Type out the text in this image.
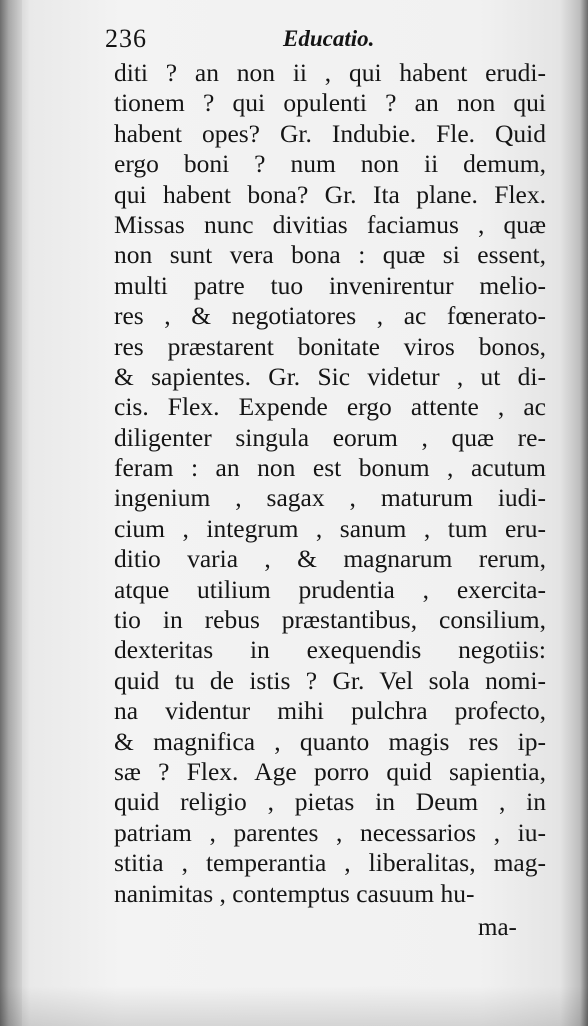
236	Educatio.
diti ? an non ii , qui habent erudi-
tionem ? qui opulenti ? an non qui
habent opes? Gr. Indubie. Fle. Quid
ergo boni ? num non ii demum,
qui habent bona? Gr. Ita plane. Flex.
Missas nunc divitias faciamus , quæ
non sunt vera bona : quæ si essent,
multi patre tuo invenirentur melio-
res , & negotiatores , ac fœnerato-
res præstarent bonitate viros bonos,
& sapientes. Gr. Sic videtur , ut di-
cis. Flex. Expende ergo attente , ac
diligenter singula eorum , quæ re-
feram : an non est bonum , acutum
ingenium , sagax , maturum iudi-
cium , integrum , sanum , tum eru-
ditio varia , & magnarum rerum,
atque utilium prudentia , exercita-
tio in rebus præstantibus, consilium,
dexteritas in exequendis negotiis:
quid tu de istis ? Gr. Vel sola nomi-
na videntur mihi pulchra profecto,
& magnifica , quanto magis res ip-
sæ ? Flex. Age porro quid sapientia,
quid religio , pietas in Deum , in
patriam , parentes , necessarios , iu-
stitia , temperantia , liberalitas, mag-
nanimitas , contemptus casuum hu-
ma-
